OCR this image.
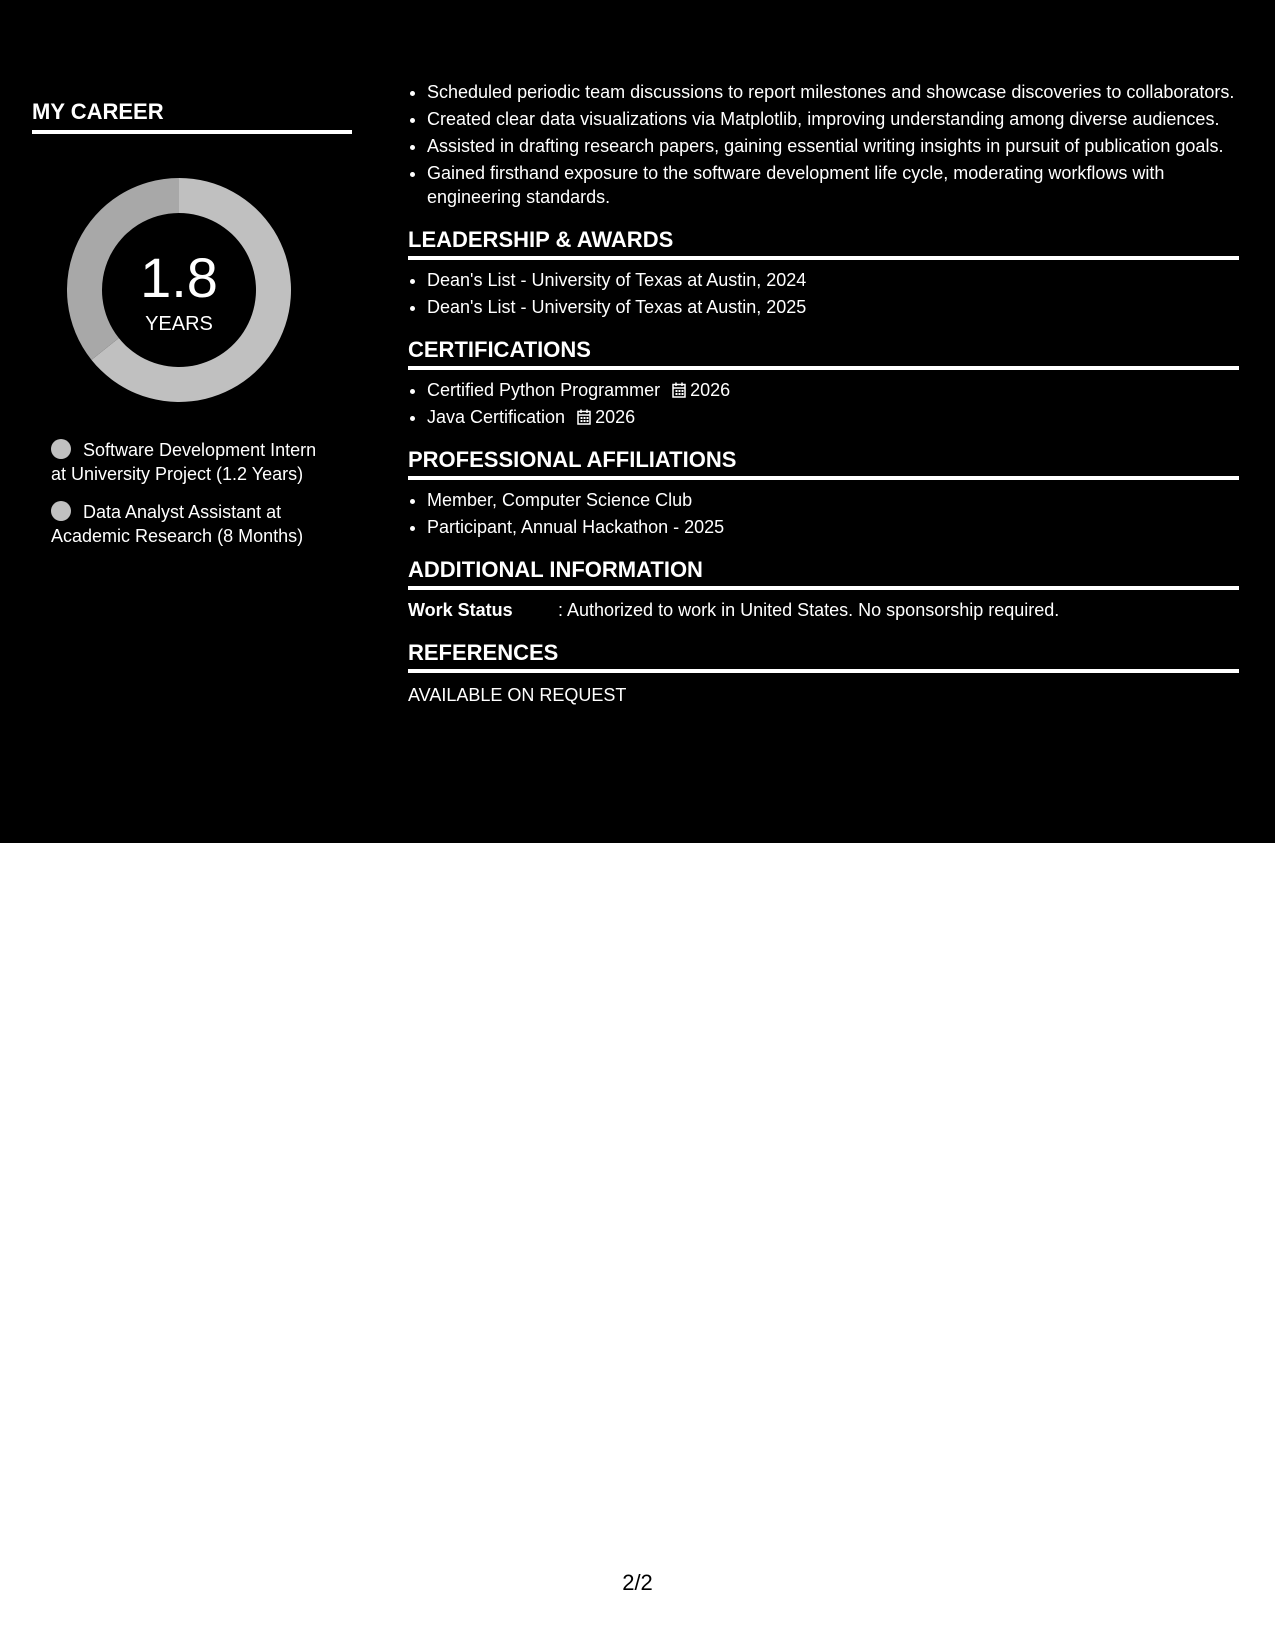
MY CAREER
1.8
YEARS
Software Development Intern at University Project (1.2 Years)
Data Analyst Assistant at Academic Research (8 Months)
• Scheduled periodic team discussions to report milestones and showcase discoveries to collaborators.
• Created clear data visualizations via Matplotlib, improving understanding among diverse audiences.
• Assisted in drafting research papers, gaining essential writing insights in pursuit of publication goals.
• Gained firsthand exposure to the software development life cycle, moderating workflows with engineering standards.
LEADERSHIP & AWARDS
• Dean's List - University of Texas at Austin, 2024
• Dean's List - University of Texas at Austin, 2025
CERTIFICATIONS
• Certified Python Programmer 2026
• Java Certification 2026
PROFESSIONAL AFFILIATIONS
• Member, Computer Science Club
• Participant, Annual Hackathon - 2025
ADDITIONAL INFORMATION
Work Status	: Authorized to work in United States. No sponsorship required.
REFERENCES
AVAILABLE ON REQUEST
2/2
